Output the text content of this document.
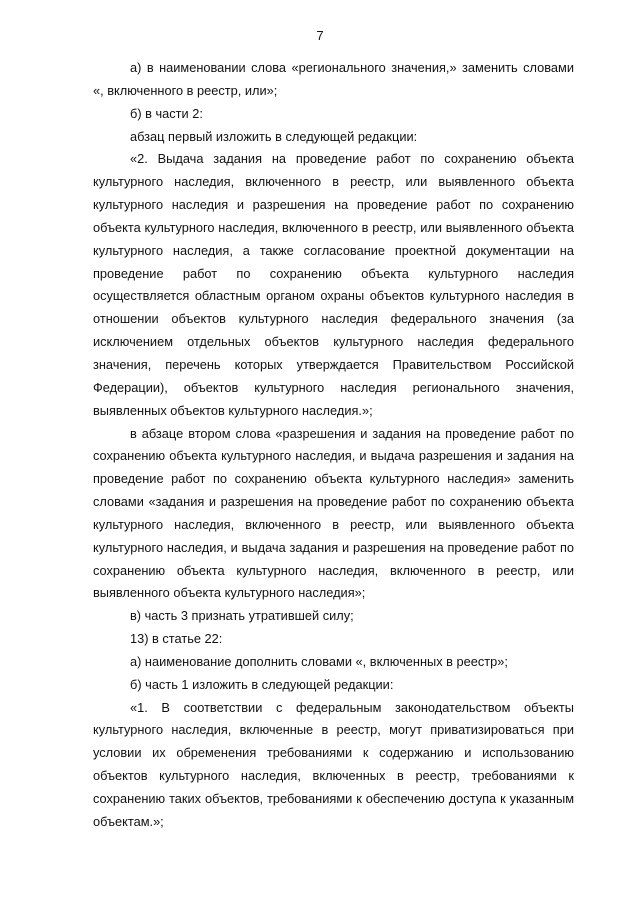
7

а) в наименовании слова «регионального значения,» заменить словами «, включенного в реестр, или»;

б) в части 2:

абзац первый изложить в следующей редакции:

«2. Выдача задания на проведение работ по сохранению объекта культурного наследия, включенного в реестр, или выявленного объекта культурного наследия и разрешения на проведение работ по сохранению объекта культурного наследия, включенного в реестр, или выявленного объекта культурного наследия, а также согласование проектной документации на проведение работ по сохранению объекта культурного наследия осуществляется областным органом охраны объектов культурного наследия в отношении объектов культурного наследия федерального значения (за исключением отдельных объектов культурного наследия федерального значения, перечень которых утверждается Правительством Российской Федерации), объектов культурного наследия регионального значения, выявленных объектов культурного наследия.»;

в абзаце втором слова «разрешения и задания на проведение работ по сохранению объекта культурного наследия, и выдача разрешения и задания на проведение работ по сохранению объекта культурного наследия» заменить словами «задания и разрешения на проведение работ по сохранению объекта культурного наследия, включенного в реестр, или выявленного объекта культурного наследия, и выдача задания и разрешения на проведение работ по сохранению объекта культурного наследия, включенного в реестр, или выявленного объекта культурного наследия»;

в) часть 3 признать утратившей силу;

13) в статье 22:

а) наименование дополнить словами «, включенных в реестр»;

б) часть 1 изложить в следующей редакции:

«1. В соответствии с федеральным законодательством объекты культурного наследия, включенные в реестр, могут приватизироваться при условии их обременения требованиями к содержанию и использованию объектов культурного наследия, включенных в реестр, требованиями к сохранению таких объектов, требованиями к обеспечению доступа к указанным объектам.»;
